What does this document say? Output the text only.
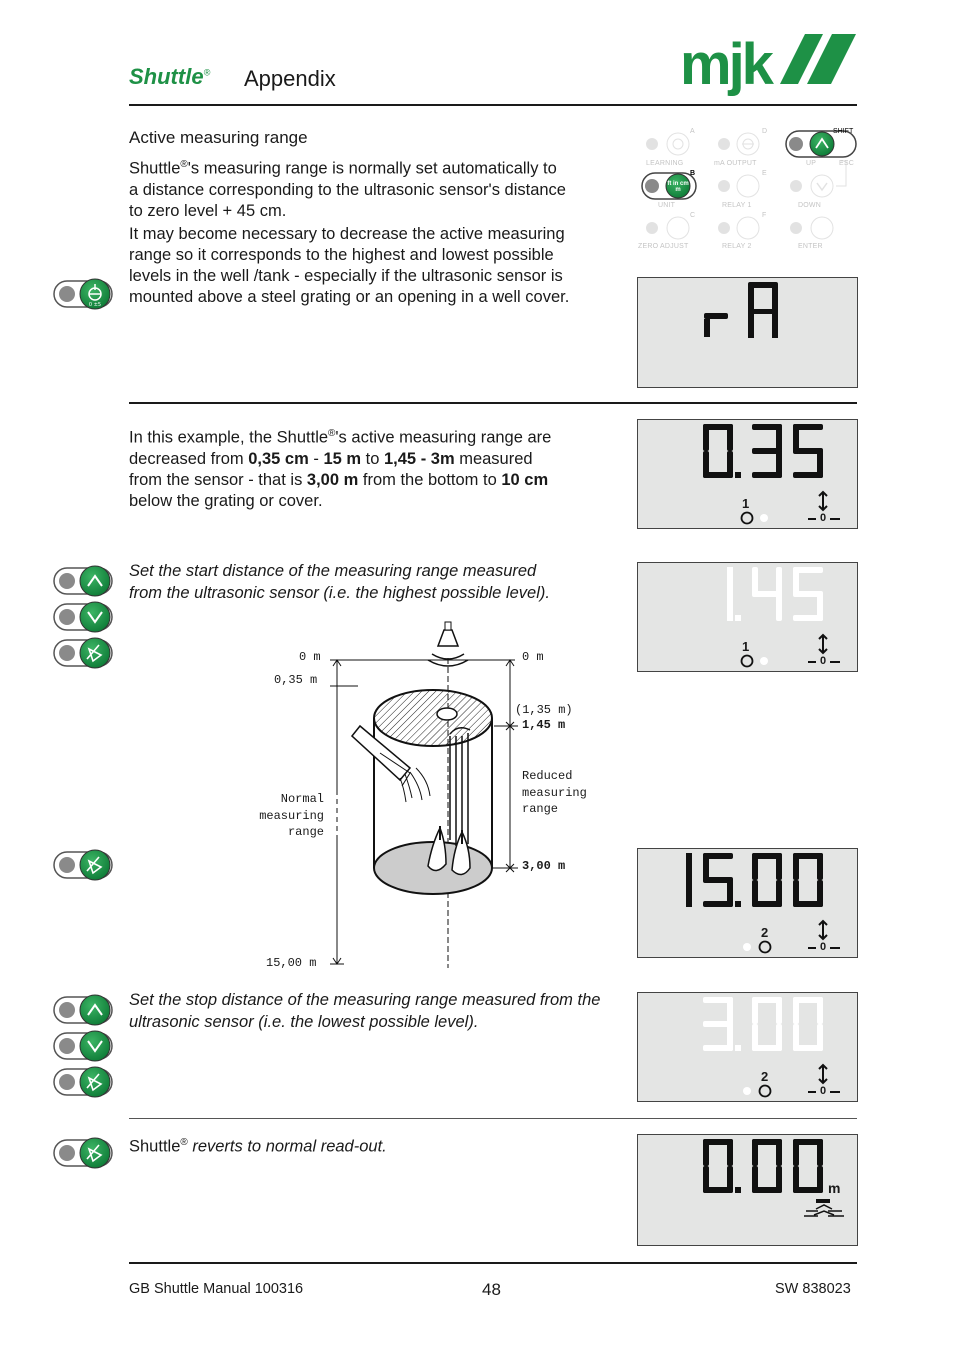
Shuttle® Appendix	mjk
Active measuring range
Shuttle®'s measuring range is normally set automatically to
a distance corresponding to the ultrasonic sensor's distance
to zero level + 45 cm.
It may become necessary to decrease the active measuring
range so it corresponds to the highest and lowest possible
levels in the well /tank - especially if the ultrasonic sensor is
mounted above a steel grating or an opening in a well cover.
0 ±5
LEARNING	mA OUTPUT	UP	ESC
UNIT	RELAY 1	DOWN
ZERO ADJUST	RELAY 2	ENTER
A	D
B	E
C	F
SHIFT
ft in cm m
In this example, the Shuttle®'s active measuring range are
decreased from 0,35 cm - 15 m to 1,45 - 3m measured
from the sensor - that is 3,00 m from the bottom to 10 cm
below the grating or cover.	1
0
Set the start distance of the measuring range measured
from the ultrasonic sensor (i.e. the highest possible level).
1
0
0 m
0,35 m
Normal
measuring
range
15,00 m
0 m
(1,35 m)
1,45 m
Reduced
measuring
range
3,00 m
2
0
Set the stop distance of the measuring range measured from the
ultrasonic sensor (i.e. the lowest possible level).
2
0
Shuttle® reverts to normal read-out.
m
GB Shuttle Manual 100316	48	SW 838023
